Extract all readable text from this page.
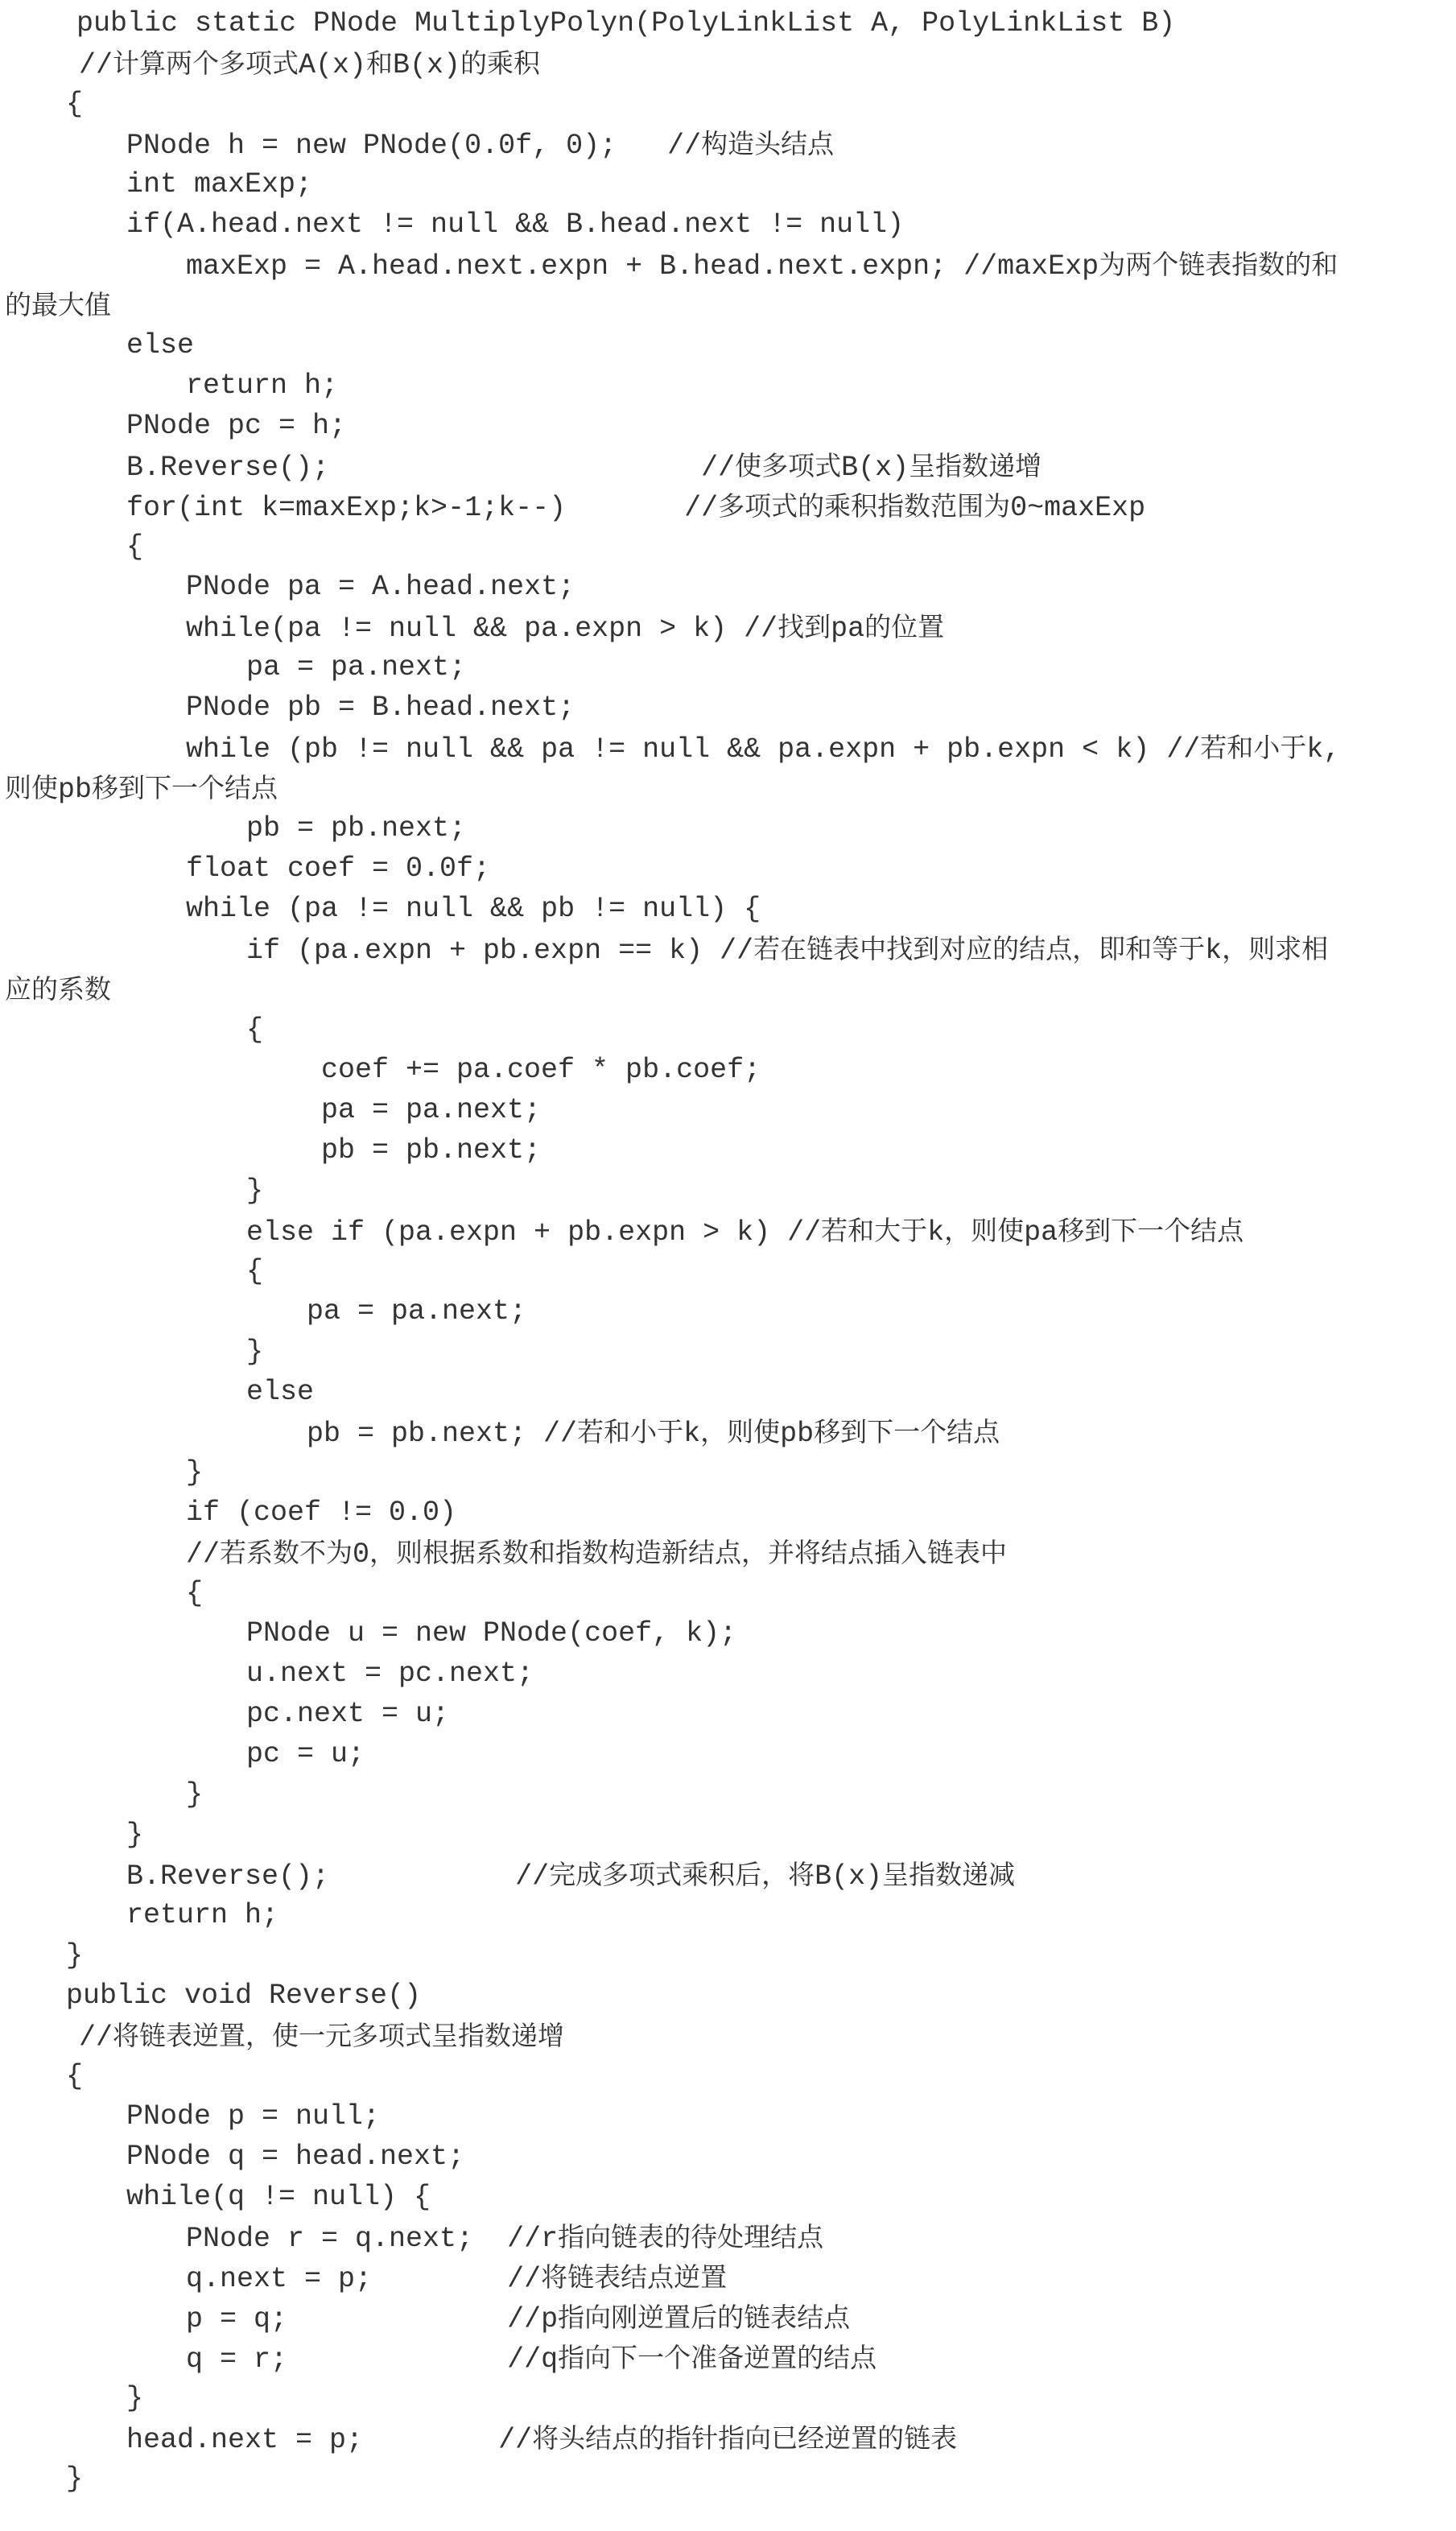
public static PNode MultiplyPolyn(PolyLinkList A, PolyLinkList B)
//计算两个多项式A(x)和B(x)的乘积
{
PNode h = new PNode(0.0f, 0);   //构造头结点
int maxExp;
if(A.head.next != null && B.head.next != null)
maxExp = A.head.next.expn + B.head.next.expn; //maxExp为两个链表指数的和
的最大值
else
return h;
PNode pc = h;
B.Reverse();                      //使多项式B(x)呈指数递增
for(int k=maxExp;k>-1;k--)       //多项式的乘积指数范围为0~maxExp
{
PNode pa = A.head.next;
while(pa != null && pa.expn > k) //找到pa的位置
pa = pa.next;
PNode pb = B.head.next;
while (pb != null && pa != null && pa.expn + pb.expn < k) //若和小于k,
则使pb移到下一个结点
pb = pb.next;
float coef = 0.0f;
while (pa != null && pb != null) {
if (pa.expn + pb.expn == k) //若在链表中找到对应的结点，即和等于k，则求相
应的系数
{
coef += pa.coef * pb.coef;
pa = pa.next;
pb = pb.next;
}
else if (pa.expn + pb.expn > k) //若和大于k，则使pa移到下一个结点
{
pa = pa.next;
}
else
pb = pb.next; //若和小于k，则使pb移到下一个结点
}
if (coef != 0.0)
//若系数不为0，则根据系数和指数构造新结点，并将结点插入链表中
{
PNode u = new PNode(coef, k);
u.next = pc.next;
pc.next = u;
pc = u;
}
}
B.Reverse();           //完成多项式乘积后，将B(x)呈指数递减
return h;
}
public void Reverse()
//将链表逆置，使一元多项式呈指数递增
{
PNode p = null;
PNode q = head.next;
while(q != null) {
PNode r = q.next;  //r指向链表的待处理结点
q.next = p;        //将链表结点逆置
p = q;             //p指向刚逆置后的链表结点
q = r;             //q指向下一个准备逆置的结点
}
head.next = p;        //将头结点的指针指向已经逆置的链表
}
